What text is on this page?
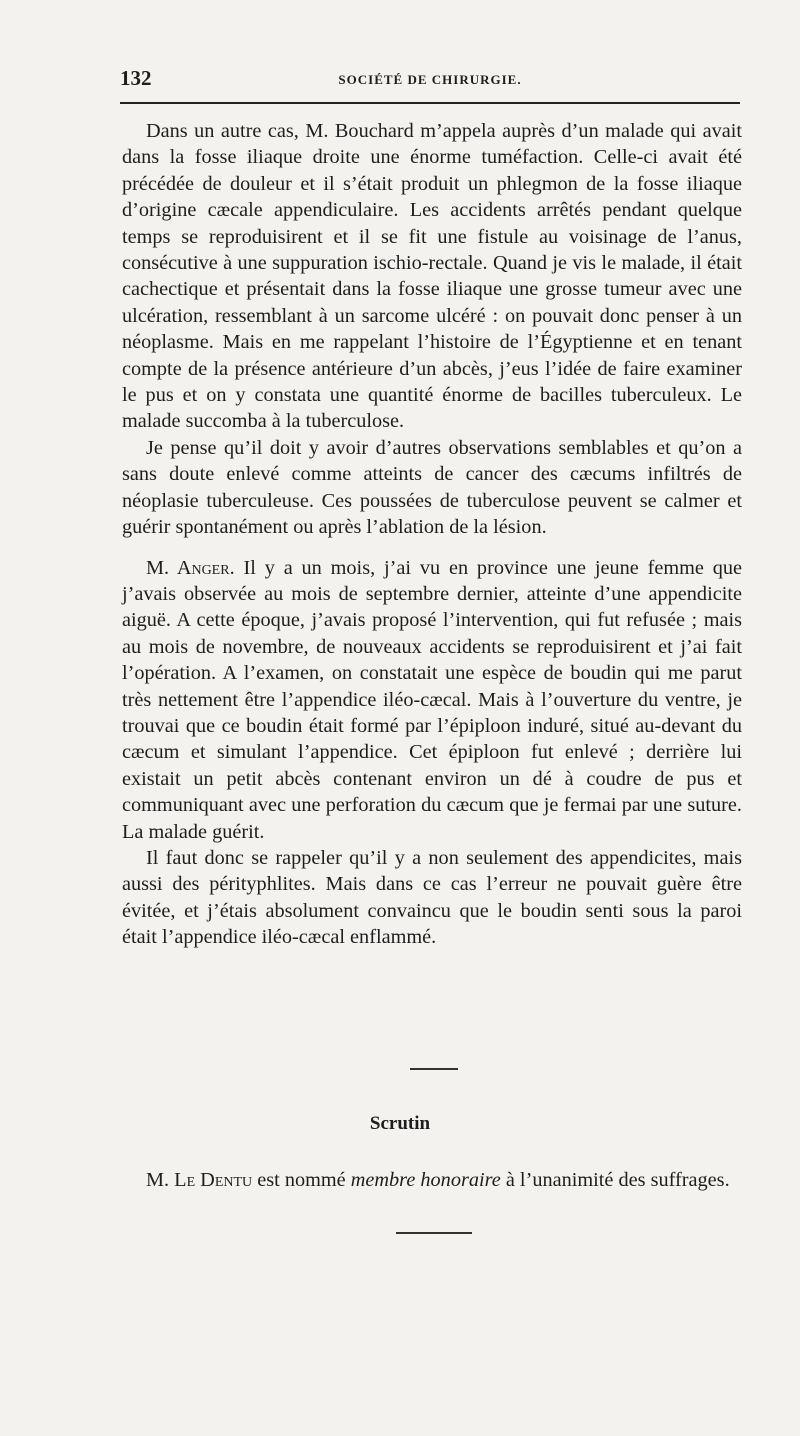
132	SOCIÉTÉ DE CHIRURGIE.

Dans un autre cas, M. Bouchard m’appela auprès d’un malade qui avait dans la fosse iliaque droite une énorme tuméfaction. Celle-ci avait été précédée de douleur et il s’était produit un phlegmon de la fosse iliaque d’origine cæcale appendiculaire. Les accidents arrêtés pendant quelque temps se reproduisirent et il se fit une fistule au voisinage de l’anus, consécutive à une suppuration ischio-rectale. Quand je vis le malade, il était cachectique et présentait dans la fosse iliaque une grosse tumeur avec une ulcération, ressemblant à un sarcome ulcéré : on pouvait donc penser à un néoplasme. Mais en me rappelant l’histoire de l’Égyptienne et en tenant compte de la présence antérieure d’un abcès, j’eus l’idée de faire examiner le pus et on y constata une quantité énorme de bacilles tuberculeux. Le malade succomba à la tuberculose.

Je pense qu’il doit y avoir d’autres observations semblables et qu’on a sans doute enlevé comme atteints de cancer des cæcums infiltrés de néoplasie tuberculeuse. Ces poussées de tuberculose peuvent se calmer et guérir spontanément ou après l’ablation de la lésion.

M. Anger. Il y a un mois, j’ai vu en province une jeune femme que j’avais observée au mois de septembre dernier, atteinte d’une appendicite aiguë. A cette époque, j’avais proposé l’intervention, qui fut refusée ; mais au mois de novembre, de nouveaux accidents se reproduisirent et j’ai fait l’opération. A l’examen, on constatait une espèce de boudin qui me parut très nettement être l’appendice iléo-cæcal. Mais à l’ouverture du ventre, je trouvai que ce boudin était formé par l’épiploon induré, situé au-devant du cæcum et simulant l’appendice. Cet épiploon fut enlevé ; derrière lui existait un petit abcès contenant environ un dé à coudre de pus et communiquant avec une perforation du cæcum que je fermai par une suture. La malade guérit.

Il faut donc se rappeler qu’il y a non seulement des appendicites, mais aussi des pérityphlites. Mais dans ce cas l’erreur ne pouvait guère être évitée, et j’étais absolument convaincu que le boudin senti sous la paroi était l’appendice iléo-cæcal enflammé.

Scrutin

M. Le Dentu est nommé membre honoraire à l’unanimité des suffrages.
